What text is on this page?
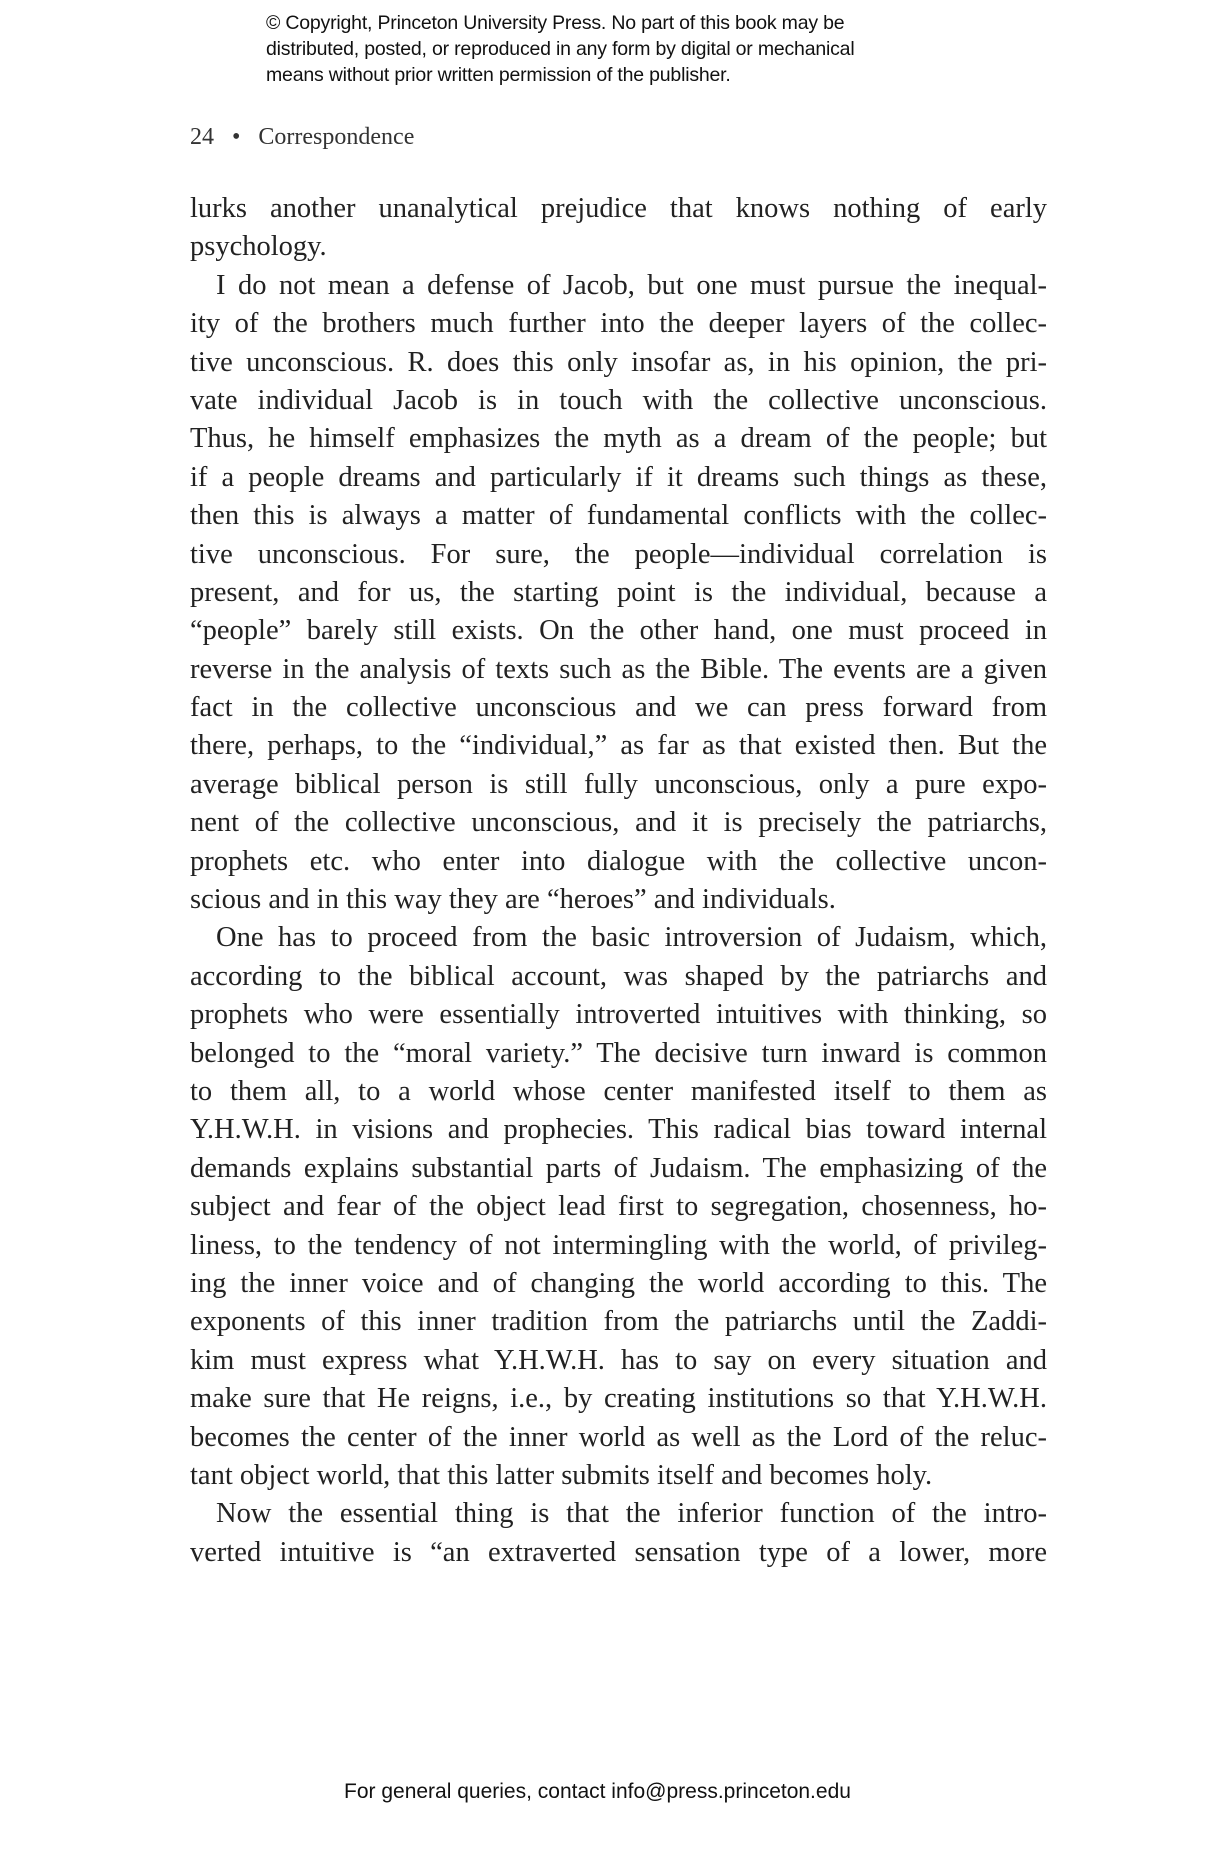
© Copyright, Princeton University Press. No part of this book may be
distributed, posted, or reproduced in any form by digital or mechanical
means without prior written permission of the publisher.
24 • Correspondence
lurks another unanalytical prejudice that knows nothing of early
psychology.
I do not mean a defense of Jacob, but one must pursue the inequal-
ity of the brothers much further into the deeper layers of the collec-
tive unconscious. R. does this only insofar as, in his opinion, the pri-
vate individual Jacob is in touch with the collective unconscious.
Thus, he himself emphasizes the myth as a dream of the people; but
if a people dreams and particularly if it dreams such things as these,
then this is always a matter of fundamental conflicts with the collec-
tive unconscious. For sure, the people—individual correlation is
present, and for us, the starting point is the individual, because a
“people” barely still exists. On the other hand, one must proceed in
reverse in the analysis of texts such as the Bible. The events are a given
fact in the collective unconscious and we can press forward from
there, perhaps, to the “individual,” as far as that existed then. But the
average biblical person is still fully unconscious, only a pure expo-
nent of the collective unconscious, and it is precisely the patriarchs,
prophets etc. who enter into dialogue with the collective uncon-
scious and in this way they are “heroes” and individuals.
One has to proceed from the basic introversion of Judaism, which,
according to the biblical account, was shaped by the patriarchs and
prophets who were essentially introverted intuitives with thinking, so
belonged to the “moral variety.” The decisive turn inward is common
to them all, to a world whose center manifested itself to them as
Y.H.W.H. in visions and prophecies. This radical bias toward internal
demands explains substantial parts of Judaism. The emphasizing of the
subject and fear of the object lead first to segregation, chosenness, ho-
liness, to the tendency of not intermingling with the world, of privileg-
ing the inner voice and of changing the world according to this. The
exponents of this inner tradition from the patriarchs until the Zaddi-
kim must express what Y.H.W.H. has to say on every situation and
make sure that He reigns, i.e., by creating institutions so that Y.H.W.H.
becomes the center of the inner world as well as the Lord of the reluc-
tant object world, that this latter submits itself and becomes holy.
Now the essential thing is that the inferior function of the intro-
verted intuitive is “an extraverted sensation type of a lower, more
For general queries, contact info@press.princeton.edu
